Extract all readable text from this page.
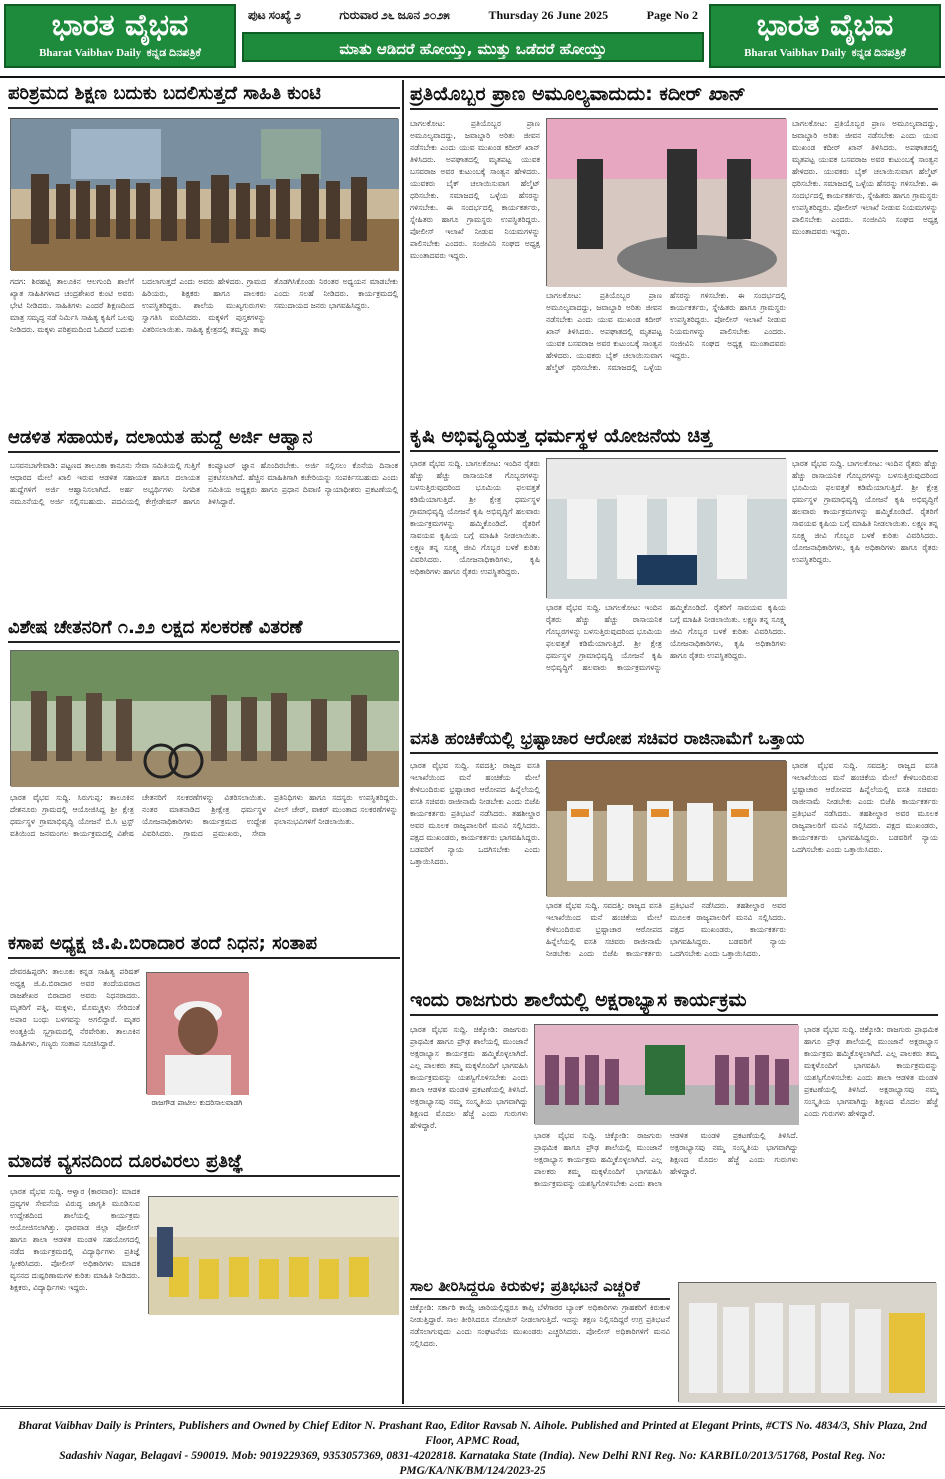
ಭಾರತ ವೈಭವ
Bharat Vaibhav Daily ಕನ್ನಡ ದಿನಪತ್ರಿಕೆ
ಪುಟ ಸಂಖ್ಯೆ ೨	ಗುರುವಾರ ೨೬ ಜೂನ ೨೦೨೫	Thursday 26 June 2025	Page No 2
ಮಾತು ಆಡಿದರೆ ಹೋಯ್ತು, ಮುತ್ತು ಒಡೆದರೆ ಹೋಯ್ತು
ಭಾರತ ವೈಭವ
Bharat Vaibhav Daily ಕನ್ನಡ ದಿನಪತ್ರಿಕೆ
ಪರಿಶ್ರಮದ ಶಿಕ್ಷಣ ಬದುಕು ಬದಲಿಸುತ್ತದೆ ಸಾಹಿತಿ ಕುಂಟಿ
ಗದಗ: ಶಿರಹಟ್ಟಿ ತಾಲೂಕಿನ ಆಲಗುಂದಿ ಶಾಲೆಗೆ ಖ್ಯಾತ ಸಾಹಿತಿಗಳಾದ ಚಂದ್ರಶೇಖರ ಕುಂಟಿ ಅವರು ಭೇಟಿ ನೀಡಿದರು. ಸಾಹಿತಿಗಳು ಎಂದರೆ ಶಿಕ್ಷಣದಿಂದ ಮಾತ್ರ ಸಮೃದ್ಧ ನಡೆ ನಿರ್ಮಿಸಿ ಸಾಹಿತ್ಯ ಕೃಷಿಗೆ ಒಲವು ನೀಡಿದರು. ಮಕ್ಕಳು ಪರಿಶ್ರಮದಿಂದ ಓದಿದರೆ ಬದುಕು ಬದಲಾಗುತ್ತದೆ ಎಂದು ಅವರು ಹೇಳಿದರು. ಗ್ರಾಮದ ಹಿರಿಯರು, ಶಿಕ್ಷಕರು ಹಾಗೂ ಪಾಲಕರು ಉಪಸ್ಥಿತರಿದ್ದರು. ಶಾಲೆಯ ಮುಖ್ಯಗುರುಗಳು ಸ್ವಾಗತಿಸಿ ವಂದಿಸಿದರು. ಮಕ್ಕಳಿಗೆ ಪುಸ್ತಕಗಳನ್ನು ವಿತರಿಸಲಾಯಿತು. ಸಾಹಿತ್ಯ ಕ್ಷೇತ್ರದಲ್ಲಿ ತಮ್ಮನ್ನು ತಾವು ತೊಡಗಿಸಿಕೊಂಡು ನಿರಂತರ ಅಧ್ಯಯನ ಮಾಡಬೇಕು ಎಂದು ಸಲಹೆ ನೀಡಿದರು. ಕಾರ್ಯಕ್ರಮದಲ್ಲಿ ಸಮುದಾಯದ ಜನರು ಭಾಗವಹಿಸಿದ್ದರು.
ಆಡಳಿತ ಸಹಾಯಕ, ದಲಾಯತ ಹುದ್ದೆ ಅರ್ಜಿ ಆಹ್ವಾನ
ಬಸವನಬಾಗೇವಾಡಿ: ಪಟ್ಟಣದ ತಾಲೂಕಾ ಕಾನೂನು ಸೇವಾ ಸಮಿತಿಯಲ್ಲಿ ಗುತ್ತಿಗೆ ಆಧಾರದ ಮೇಲೆ ಖಾಲಿ ಇರುವ ಆಡಳಿತ ಸಹಾಯಕ ಹಾಗೂ ದಲಾಯತ ಹುದ್ದೆಗಳಿಗೆ ಅರ್ಜಿ ಆಹ್ವಾನಿಸಲಾಗಿದೆ. ಅರ್ಹ ಅಭ್ಯರ್ಥಿಗಳು ನಿಗದಿತ ನಮೂನೆಯಲ್ಲಿ ಅರ್ಜಿ ಸಲ್ಲಿಸಬಹುದು. ಪದವಿಯಲ್ಲಿ ಕೇಗ್ರೇಡೇಷನ್ ಹಾಗೂ ಕಂಪ್ಯೂಟರ್ ಜ್ಞಾನ ಹೊಂದಿರಬೇಕು. ಅರ್ಜಿ ಸಲ್ಲಿಸಲು ಕೊನೆಯ ದಿನಾಂಕ ಪ್ರಕಟಿಸಲಾಗಿದೆ. ಹೆಚ್ಚಿನ ಮಾಹಿತಿಗಾಗಿ ಕಚೇರಿಯನ್ನು ಸಂಪರ್ಕಿಸಬಹುದು ಎಂದು ಸಮಿತಿಯ ಅಧ್ಯಕ್ಷರು ಹಾಗೂ ಪ್ರಧಾನ ದಿವಾಣಿ ನ್ಯಾಯಾಧೀಶರು ಪ್ರಕಟಣೆಯಲ್ಲಿ ತಿಳಿಸಿದ್ದಾರೆ.
ವಿಶೇಷ ಚೇತನರಿಗೆ ೧.೨೨ ಲಕ್ಷದ ಸಲಕರಣೆ ವಿತರಣೆ
ಭಾರತ ವೈಭವ ಸುದ್ದಿ. ಸಿರುಗುಪ್ಪ: ತಾಲೂಕಿನ ದೇಶನೂರು ಗ್ರಾಮದಲ್ಲಿ ಆಯೋಜಿಸಿದ್ದ ಶ್ರೀ ಕ್ಷೇತ್ರ ಧರ್ಮಸ್ಥಳ ಗ್ರಾಮಾಭಿವೃದ್ಧಿ ಯೋಜನೆ ಬಿ.ಸಿ ಟ್ರಸ್ಟ್ ವತಿಯಿಂದ ಜನಮಂಗಲ ಕಾರ್ಯಕ್ರಮದಲ್ಲಿ ವಿಶೇಷ ಚೇತನರಿಗೆ ಸಲಕರಣೆಗಳನ್ನು ವಿತರಿಸಲಾಯಿತು. ನಂತರ ಮಾತನಾಡಿದ ಶ್ರೀಕ್ಷೇತ್ರ ಧರ್ಮಸ್ಥಳ ಯೋಜನಾಧಿಕಾರಿಗಳು ಕಾರ್ಯಕ್ರಮದ ಉದ್ದೇಶ ವಿವರಿಸಿದರು. ಗ್ರಾಮದ ಪ್ರಮುಖರು, ಸೇವಾ ಪ್ರತಿನಿಧಿಗಳು ಹಾಗೂ ಸದಸ್ಯರು ಉಪಸ್ಥಿತರಿದ್ದರು. ವೀಲ್ ಚೇರ್, ವಾಕರ್ ಮುಂತಾದ ಸಲಕರಣೆಗಳನ್ನು ಫಲಾನುಭವಿಗಳಿಗೆ ನೀಡಲಾಯಿತು.
ಕಸಾಪ ಅಧ್ಯಕ್ಷ ಜಿ.ಪಿ.ಬಿರಾದಾರ ತಂದೆ ನಿಧನ; ಸಂತಾಪ
ದೇವರಹಿಪ್ಪರಗಿ: ತಾಲೂಕು ಕನ್ನಡ ಸಾಹಿತ್ಯ ಪರಿಷತ್ ಅಧ್ಯಕ್ಷ ಜಿ.ಪಿ.ಬಿರಾದಾರ ಅವರ ತಂದೆಯವರಾದ ರಾಜಶೇಖರ ಬಿರಾದಾರ ಅವರು ನಿಧನರಾದರು. ಮೃತರಿಗೆ ಪತ್ನಿ, ಮಕ್ಕಳು, ಮೊಮ್ಮಕ್ಕಳು ಸೇರಿದಂತೆ ಅಪಾರ ಬಂಧು ಬಳಗವನ್ನು ಅಗಲಿದ್ದಾರೆ. ಮೃತರ ಅಂತ್ಯಕ್ರಿಯೆ ಸ್ವಗ್ರಾಮದಲ್ಲಿ ನೆರವೇರಿತು. ತಾಲೂಕಿನ ಸಾಹಿತಿಗಳು, ಗಣ್ಯರು ಸಂತಾಪ ಸೂಚಿಸಿದ್ದಾರೆ.
ರಾಜಗೌಡ ಪಾಟೀಲ ಕುದರಿಸಾಲವಾಡಗಿ
ಮಾದಕ ವ್ಯಸನದಿಂದ ದೂರವಿರಲು ಪ್ರತಿಜ್ಞೆ
ಭಾರತ ವೈಭವ ಸುದ್ದಿ. ಆಳ್ವಾರ (ಕಾರವಾರ): ಮಾದಕ ದ್ರವ್ಯಗಳ ಸೇವನೆಯ ವಿರುದ್ಧ ಜಾಗೃತಿ ಮೂಡಿಸುವ ಉದ್ದೇಶದಿಂದ ಶಾಲೆಯಲ್ಲಿ ಕಾರ್ಯಕ್ರಮ ಆಯೋಜಿಸಲಾಗಿತ್ತು. ಧಾರವಾಡ ಜಿಲ್ಲಾ ಪೋಲೀಸ್ ಹಾಗೂ ಶಾಲಾ ಆಡಳಿತ ಮಂಡಳಿ ಸಹಯೋಗದಲ್ಲಿ ನಡೆದ ಕಾರ್ಯಕ್ರಮದಲ್ಲಿ ವಿದ್ಯಾರ್ಥಿಗಳು ಪ್ರತಿಜ್ಞೆ ಸ್ವೀಕರಿಸಿದರು. ಪೋಲೀಸ್ ಅಧಿಕಾರಿಗಳು ಮಾದಕ ವ್ಯಸನದ ದುಷ್ಪರಿಣಾಮಗಳ ಕುರಿತು ಮಾಹಿತಿ ನೀಡಿದರು. ಶಿಕ್ಷಕರು, ವಿದ್ಯಾರ್ಥಿಗಳು ಇದ್ದರು.
ಪ್ರತಿಯೊಬ್ಬರ ಪ್ರಾಣ ಅಮೂಲ್ಯವಾದುದು: ಕದೀರ್ ಖಾನ್
ಬಾಗಲಕೋಟ: ಪ್ರತಿಯೊಬ್ಬರ ಪ್ರಾಣ ಅಮೂಲ್ಯವಾದದ್ದು, ಜವಾಬ್ದಾರಿ ಅರಿತು ಜೀವನ ನಡೆಸಬೇಕು ಎಂದು ಯುವ ಮುಖಂಡ ಕದೀರ್ ಖಾನ್ ತಿಳಿಸಿದರು. ಅಪಘಾತದಲ್ಲಿ ಮೃತಪಟ್ಟ ಯುವಕ ಬಸವರಾಜ ಅವರ ಕುಟುಂಬಕ್ಕೆ ಸಾಂತ್ವನ ಹೇಳಿದರು. ಯುವಕರು ಬೈಕ್ ಚಲಾಯಿಸುವಾಗ ಹೆಲ್ಮೆಟ್ ಧರಿಸಬೇಕು. ಸಮಾಜದಲ್ಲಿ ಒಳ್ಳೆಯ ಹೆಸರನ್ನು ಗಳಿಸಬೇಕು. ಈ ಸಂದರ್ಭದಲ್ಲಿ ಕಾರ್ಯಕರ್ತರು, ಸ್ನೇಹಿತರು ಹಾಗೂ ಗ್ರಾಮಸ್ಥರು ಉಪಸ್ಥಿತರಿದ್ದರು. ಪೋಲೀಸ್ ಇಲಾಖೆ ನೀಡುವ ನಿಯಮಗಳನ್ನು ಪಾಲಿಸಬೇಕು ಎಂದರು. ಸಂಜೀವಿನಿ ಸಂಘದ ಅಧ್ಯಕ್ಷ ಮುಂತಾದವರು ಇದ್ದರು.
ಬಾಗಲಕೋಟ: ಪ್ರತಿಯೊಬ್ಬರ ಪ್ರಾಣ ಅಮೂಲ್ಯವಾದದ್ದು, ಜವಾಬ್ದಾರಿ ಅರಿತು ಜೀವನ ನಡೆಸಬೇಕು ಎಂದು ಯುವ ಮುಖಂಡ ಕದೀರ್ ಖಾನ್ ತಿಳಿಸಿದರು. ಅಪಘಾತದಲ್ಲಿ ಮೃತಪಟ್ಟ ಯುವಕ ಬಸವರಾಜ ಅವರ ಕುಟುಂಬಕ್ಕೆ ಸಾಂತ್ವನ ಹೇಳಿದರು. ಯುವಕರು ಬೈಕ್ ಚಲಾಯಿಸುವಾಗ ಹೆಲ್ಮೆಟ್ ಧರಿಸಬೇಕು. ಸಮಾಜದಲ್ಲಿ ಒಳ್ಳೆಯ ಹೆಸರನ್ನು ಗಳಿಸಬೇಕು. ಈ ಸಂದರ್ಭದಲ್ಲಿ ಕಾರ್ಯಕರ್ತರು, ಸ್ನೇಹಿತರು ಹಾಗೂ ಗ್ರಾಮಸ್ಥರು ಉಪಸ್ಥಿತರಿದ್ದರು. ಪೋಲೀಸ್ ಇಲಾಖೆ ನೀಡುವ ನಿಯಮಗಳನ್ನು ಪಾಲಿಸಬೇಕು ಎಂದರು. ಸಂಜೀವಿನಿ ಸಂಘದ ಅಧ್ಯಕ್ಷ ಮುಂತಾದವರು ಇದ್ದರು.
ಬಾಗಲಕೋಟ: ಪ್ರತಿಯೊಬ್ಬರ ಪ್ರಾಣ ಅಮೂಲ್ಯವಾದದ್ದು, ಜವಾಬ್ದಾರಿ ಅರಿತು ಜೀವನ ನಡೆಸಬೇಕು ಎಂದು ಯುವ ಮುಖಂಡ ಕದೀರ್ ಖಾನ್ ತಿಳಿಸಿದರು. ಅಪಘಾತದಲ್ಲಿ ಮೃತಪಟ್ಟ ಯುವಕ ಬಸವರಾಜ ಅವರ ಕುಟುಂಬಕ್ಕೆ ಸಾಂತ್ವನ ಹೇಳಿದರು. ಯುವಕರು ಬೈಕ್ ಚಲಾಯಿಸುವಾಗ ಹೆಲ್ಮೆಟ್ ಧರಿಸಬೇಕು. ಸಮಾಜದಲ್ಲಿ ಒಳ್ಳೆಯ ಹೆಸರನ್ನು ಗಳಿಸಬೇಕು. ಈ ಸಂದರ್ಭದಲ್ಲಿ ಕಾರ್ಯಕರ್ತರು, ಸ್ನೇಹಿತರು ಹಾಗೂ ಗ್ರಾಮಸ್ಥರು ಉಪಸ್ಥಿತರಿದ್ದರು. ಪೋಲೀಸ್ ಇಲಾಖೆ ನೀಡುವ ನಿಯಮಗಳನ್ನು ಪಾಲಿಸಬೇಕು ಎಂದರು. ಸಂಜೀವಿನಿ ಸಂಘದ ಅಧ್ಯಕ್ಷ ಮುಂತಾದವರು ಇದ್ದರು.
ಕೃಷಿ ಅಭಿವೃದ್ಧಿಯತ್ತ ಧರ್ಮಸ್ಥಳ ಯೋಜನೆಯ ಚಿತ್ತ
ಭಾರತ ವೈಭವ ಸುದ್ದಿ. ಬಾಗಲಕೋಟ: ಇಂದಿನ ರೈತರು ಹೆಚ್ಚು ಹೆಚ್ಚು ರಾಸಾಯನಿಕ ಗೊಬ್ಬರಗಳನ್ನು ಬಳಸುತ್ತಿರುವುದರಿಂದ ಭೂಮಿಯ ಫಲವತ್ತತೆ ಕಡಿಮೆಯಾಗುತ್ತಿದೆ. ಶ್ರೀ ಕ್ಷೇತ್ರ ಧರ್ಮಸ್ಥಳ ಗ್ರಾಮಾಭಿವೃದ್ಧಿ ಯೋಜನೆ ಕೃಷಿ ಅಭಿವೃದ್ಧಿಗೆ ಹಲವಾರು ಕಾರ್ಯಕ್ರಮಗಳನ್ನು ಹಮ್ಮಿಕೊಂಡಿದೆ. ರೈತರಿಗೆ ಸಾವಯವ ಕೃಷಿಯ ಬಗ್ಗೆ ಮಾಹಿತಿ ನೀಡಲಾಯಿತು. ಲಕ್ಷ್ಮಣ ತನ್ನ ಸೂಕ್ಷ್ಮ ಜೀವಿ ಗೊಬ್ಬರ ಬಳಕೆ ಕುರಿತು ವಿವರಿಸಿದರು. ಯೋಜನಾಧಿಕಾರಿಗಳು, ಕೃಷಿ ಅಧಿಕಾರಿಗಳು ಹಾಗೂ ರೈತರು ಉಪಸ್ಥಿತರಿದ್ದರು.
ಭಾರತ ವೈಭವ ಸುದ್ದಿ. ಬಾಗಲಕೋಟ: ಇಂದಿನ ರೈತರು ಹೆಚ್ಚು ಹೆಚ್ಚು ರಾಸಾಯನಿಕ ಗೊಬ್ಬರಗಳನ್ನು ಬಳಸುತ್ತಿರುವುದರಿಂದ ಭೂಮಿಯ ಫಲವತ್ತತೆ ಕಡಿಮೆಯಾಗುತ್ತಿದೆ. ಶ್ರೀ ಕ್ಷೇತ್ರ ಧರ್ಮಸ್ಥಳ ಗ್ರಾಮಾಭಿವೃದ್ಧಿ ಯೋಜನೆ ಕೃಷಿ ಅಭಿವೃದ್ಧಿಗೆ ಹಲವಾರು ಕಾರ್ಯಕ್ರಮಗಳನ್ನು ಹಮ್ಮಿಕೊಂಡಿದೆ. ರೈತರಿಗೆ ಸಾವಯವ ಕೃಷಿಯ ಬಗ್ಗೆ ಮಾಹಿತಿ ನೀಡಲಾಯಿತು. ಲಕ್ಷ್ಮಣ ತನ್ನ ಸೂಕ್ಷ್ಮ ಜೀವಿ ಗೊಬ್ಬರ ಬಳಕೆ ಕುರಿತು ವಿವರಿಸಿದರು. ಯೋಜನಾಧಿಕಾರಿಗಳು, ಕೃಷಿ ಅಧಿಕಾರಿಗಳು ಹಾಗೂ ರೈತರು ಉಪಸ್ಥಿತರಿದ್ದರು.
ಭಾರತ ವೈಭವ ಸುದ್ದಿ. ಬಾಗಲಕೋಟ: ಇಂದಿನ ರೈತರು ಹೆಚ್ಚು ಹೆಚ್ಚು ರಾಸಾಯನಿಕ ಗೊಬ್ಬರಗಳನ್ನು ಬಳಸುತ್ತಿರುವುದರಿಂದ ಭೂಮಿಯ ಫಲವತ್ತತೆ ಕಡಿಮೆಯಾಗುತ್ತಿದೆ. ಶ್ರೀ ಕ್ಷೇತ್ರ ಧರ್ಮಸ್ಥಳ ಗ್ರಾಮಾಭಿವೃದ್ಧಿ ಯೋಜನೆ ಕೃಷಿ ಅಭಿವೃದ್ಧಿಗೆ ಹಲವಾರು ಕಾರ್ಯಕ್ರಮಗಳನ್ನು ಹಮ್ಮಿಕೊಂಡಿದೆ. ರೈತರಿಗೆ ಸಾವಯವ ಕೃಷಿಯ ಬಗ್ಗೆ ಮಾಹಿತಿ ನೀಡಲಾಯಿತು. ಲಕ್ಷ್ಮಣ ತನ್ನ ಸೂಕ್ಷ್ಮ ಜೀವಿ ಗೊಬ್ಬರ ಬಳಕೆ ಕುರಿತು ವಿವರಿಸಿದರು. ಯೋಜನಾಧಿಕಾರಿಗಳು, ಕೃಷಿ ಅಧಿಕಾರಿಗಳು ಹಾಗೂ ರೈತರು ಉಪಸ್ಥಿತರಿದ್ದರು.
ವಸತಿ ಹಂಚಿಕೆಯಲ್ಲಿ ಭ್ರಷ್ಟಾಚಾರ ಆರೋಪ ಸಚಿವರ ರಾಜಿನಾಮೆಗೆ ಒತ್ತಾಯ
ಭಾರತ ವೈಭವ ಸುದ್ದಿ. ಸವದತ್ತಿ: ರಾಜ್ಯದ ವಸತಿ ಇಲಾಖೆಯಿಂದ ಮನೆ ಹಂಚಿಕೆಯ ಮೇಲೆ ಕೇಳಿಬಂದಿರುವ ಭ್ರಷ್ಟಾಚಾರ ಆರೋಪದ ಹಿನ್ನೆಲೆಯಲ್ಲಿ ವಸತಿ ಸಚಿವರು ರಾಜೀನಾಮೆ ನೀಡಬೇಕು ಎಂದು ಬಿಜೆಪಿ ಕಾರ್ಯಕರ್ತರು ಪ್ರತಿಭಟನೆ ನಡೆಸಿದರು. ತಹಶೀಲ್ದಾರ ಅವರ ಮೂಲಕ ರಾಜ್ಯಪಾಲರಿಗೆ ಮನವಿ ಸಲ್ಲಿಸಿದರು. ಪಕ್ಷದ ಮುಖಂಡರು, ಕಾರ್ಯಕರ್ತರು ಭಾಗವಹಿಸಿದ್ದರು. ಬಡವರಿಗೆ ನ್ಯಾಯ ಒದಗಿಸಬೇಕು ಎಂದು ಒತ್ತಾಯಿಸಿದರು.
ಭಾರತ ವೈಭವ ಸುದ್ದಿ. ಸವದತ್ತಿ: ರಾಜ್ಯದ ವಸತಿ ಇಲಾಖೆಯಿಂದ ಮನೆ ಹಂಚಿಕೆಯ ಮೇಲೆ ಕೇಳಿಬಂದಿರುವ ಭ್ರಷ್ಟಾಚಾರ ಆರೋಪದ ಹಿನ್ನೆಲೆಯಲ್ಲಿ ವಸತಿ ಸಚಿವರು ರಾಜೀನಾಮೆ ನೀಡಬೇಕು ಎಂದು ಬಿಜೆಪಿ ಕಾರ್ಯಕರ್ತರು ಪ್ರತಿಭಟನೆ ನಡೆಸಿದರು. ತಹಶೀಲ್ದಾರ ಅವರ ಮೂಲಕ ರಾಜ್ಯಪಾಲರಿಗೆ ಮನವಿ ಸಲ್ಲಿಸಿದರು. ಪಕ್ಷದ ಮುಖಂಡರು, ಕಾರ್ಯಕರ್ತರು ಭಾಗವಹಿಸಿದ್ದರು. ಬಡವರಿಗೆ ನ್ಯಾಯ ಒದಗಿಸಬೇಕು ಎಂದು ಒತ್ತಾಯಿಸಿದರು.
ಭಾರತ ವೈಭವ ಸುದ್ದಿ. ಸವದತ್ತಿ: ರಾಜ್ಯದ ವಸತಿ ಇಲಾಖೆಯಿಂದ ಮನೆ ಹಂಚಿಕೆಯ ಮೇಲೆ ಕೇಳಿಬಂದಿರುವ ಭ್ರಷ್ಟಾಚಾರ ಆರೋಪದ ಹಿನ್ನೆಲೆಯಲ್ಲಿ ವಸತಿ ಸಚಿವರು ರಾಜೀನಾಮೆ ನೀಡಬೇಕು ಎಂದು ಬಿಜೆಪಿ ಕಾರ್ಯಕರ್ತರು ಪ್ರತಿಭಟನೆ ನಡೆಸಿದರು. ತಹಶೀಲ್ದಾರ ಅವರ ಮೂಲಕ ರಾಜ್ಯಪಾಲರಿಗೆ ಮನವಿ ಸಲ್ಲಿಸಿದರು. ಪಕ್ಷದ ಮುಖಂಡರು, ಕಾರ್ಯಕರ್ತರು ಭಾಗವಹಿಸಿದ್ದರು. ಬಡವರಿಗೆ ನ್ಯಾಯ ಒದಗಿಸಬೇಕು ಎಂದು ಒತ್ತಾಯಿಸಿದರು.
ಇಂದು ರಾಜಗುರು ಶಾಲೆಯಲ್ಲಿ ಅಕ್ಷರಾಭ್ಯಾಸ ಕಾರ್ಯಕ್ರಮ
ಭಾರತ ವೈಭವ ಸುದ್ದಿ. ಚಿಕ್ಕೋಡಿ: ರಾಜಗುರು ಪ್ರಾಥಮಿಕ ಹಾಗೂ ಪ್ರೌಢ ಶಾಲೆಯಲ್ಲಿ ಮುಂಜಾನೆ ಅಕ್ಷರಾಭ್ಯಾಸ ಕಾರ್ಯಕ್ರಮ ಹಮ್ಮಿಕೊಳ್ಳಲಾಗಿದೆ. ಎಲ್ಲ ಪಾಲಕರು ತಮ್ಮ ಮಕ್ಕಳೊಂದಿಗೆ ಭಾಗವಹಿಸಿ ಕಾರ್ಯಕ್ರಮವನ್ನು ಯಶಸ್ವಿಗೊಳಿಸಬೇಕು ಎಂದು ಶಾಲಾ ಆಡಳಿತ ಮಂಡಳಿ ಪ್ರಕಟಣೆಯಲ್ಲಿ ತಿಳಿಸಿದೆ. ಅಕ್ಷರಾಭ್ಯಾಸವು ನಮ್ಮ ಸಂಸ್ಕೃತಿಯ ಭಾಗವಾಗಿದ್ದು ಶಿಕ್ಷಣದ ಮೊದಲ ಹೆಜ್ಜೆ ಎಂದು ಗುರುಗಳು ಹೇಳಿದ್ದಾರೆ.
ಭಾರತ ವೈಭವ ಸುದ್ದಿ. ಚಿಕ್ಕೋಡಿ: ರಾಜಗುರು ಪ್ರಾಥಮಿಕ ಹಾಗೂ ಪ್ರೌಢ ಶಾಲೆಯಲ್ಲಿ ಮುಂಜಾನೆ ಅಕ್ಷರಾಭ್ಯಾಸ ಕಾರ್ಯಕ್ರಮ ಹಮ್ಮಿಕೊಳ್ಳಲಾಗಿದೆ. ಎಲ್ಲ ಪಾಲಕರು ತಮ್ಮ ಮಕ್ಕಳೊಂದಿಗೆ ಭಾಗವಹಿಸಿ ಕಾರ್ಯಕ್ರಮವನ್ನು ಯಶಸ್ವಿಗೊಳಿಸಬೇಕು ಎಂದು ಶಾಲಾ ಆಡಳಿತ ಮಂಡಳಿ ಪ್ರಕಟಣೆಯಲ್ಲಿ ತಿಳಿಸಿದೆ. ಅಕ್ಷರಾಭ್ಯಾಸವು ನಮ್ಮ ಸಂಸ್ಕೃತಿಯ ಭಾಗವಾಗಿದ್ದು ಶಿಕ್ಷಣದ ಮೊದಲ ಹೆಜ್ಜೆ ಎಂದು ಗುರುಗಳು ಹೇಳಿದ್ದಾರೆ.
ಭಾರತ ವೈಭವ ಸುದ್ದಿ. ಚಿಕ್ಕೋಡಿ: ರಾಜಗುರು ಪ್ರಾಥಮಿಕ ಹಾಗೂ ಪ್ರೌಢ ಶಾಲೆಯಲ್ಲಿ ಮುಂಜಾನೆ ಅಕ್ಷರಾಭ್ಯಾಸ ಕಾರ್ಯಕ್ರಮ ಹಮ್ಮಿಕೊಳ್ಳಲಾಗಿದೆ. ಎಲ್ಲ ಪಾಲಕರು ತಮ್ಮ ಮಕ್ಕಳೊಂದಿಗೆ ಭಾಗವಹಿಸಿ ಕಾರ್ಯಕ್ರಮವನ್ನು ಯಶಸ್ವಿಗೊಳಿಸಬೇಕು ಎಂದು ಶಾಲಾ ಆಡಳಿತ ಮಂಡಳಿ ಪ್ರಕಟಣೆಯಲ್ಲಿ ತಿಳಿಸಿದೆ. ಅಕ್ಷರಾಭ್ಯಾಸವು ನಮ್ಮ ಸಂಸ್ಕೃತಿಯ ಭಾಗವಾಗಿದ್ದು ಶಿಕ್ಷಣದ ಮೊದಲ ಹೆಜ್ಜೆ ಎಂದು ಗುರುಗಳು ಹೇಳಿದ್ದಾರೆ.
ಸಾಲ ತೀರಿಸಿದ್ದರೂ ಕಿರುಕುಳ; ಪ್ರತಿಭಟನೆ ಎಚ್ಚರಿಕೆ
ಚಿಕ್ಕೋಡಿ: ಸರ್ಕಾರಿ ಕಾಯ್ದೆ ಜಾರಿಯಲ್ಲಿದ್ದರೂ ಕಾಪ್ಸಿ ಬೆಳೆಗಾರರ ಬ್ಯಾಂಕ್ ಅಧಿಕಾರಿಗಳು ಗ್ರಾಹಕರಿಗೆ ಕಿರುಕುಳ ನೀಡುತ್ತಿದ್ದಾರೆ. ಸಾಲ ತೀರಿಸಿದರೂ ನೋಟೀಸ್ ನೀಡಲಾಗುತ್ತಿದೆ. ಇದನ್ನು ತಕ್ಷಣ ನಿಲ್ಲಿಸದಿದ್ದರೆ ಉಗ್ರ ಪ್ರತಿಭಟನೆ ನಡೆಸಲಾಗುವುದು ಎಂದು ಸಂಘಟನೆಯ ಮುಖಂಡರು ಎಚ್ಚರಿಸಿದರು. ಪೋಲೀಸ್ ಅಧಿಕಾರಿಗಳಿಗೆ ಮನವಿ ಸಲ್ಲಿಸಿದರು.
Bharat Vaibhav Daily is Printers, Publishers and Owned by Chief Editor N. Prashant Rao, Editor Ravsab N. Aihole. Published and Printed at Elegant Prints, #CTS No. 4834/3, Shiv Plaza, 2nd Floor, APMC Road,
Sadashiv Nagar, Belagavi - 590019. Mob: 9019229369, 9353057369, 0831-4202818. Karnataka State (India). New Delhi RNI Reg. No: KARBIL0/2013/51768, Postal Reg. No: PMG/KA/NK/BM/124/2023-25
